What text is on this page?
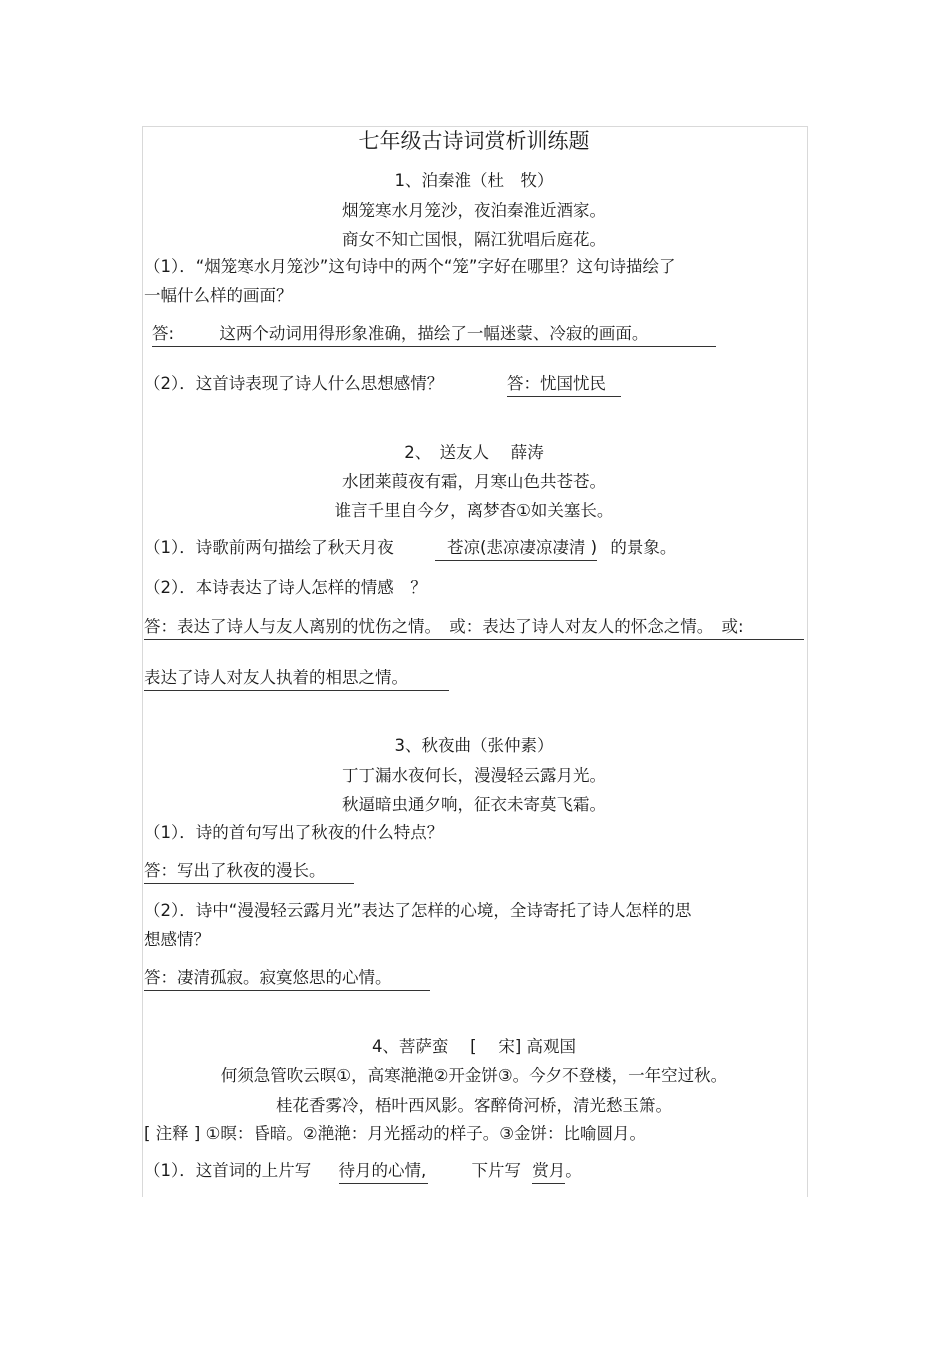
七年级古诗词赏析训练题
1、泊秦淮（杜　牧）
烟笼寒水月笼沙，夜泊秦淮近酒家。
商女不知亡国恨，隔江犹唱后庭花。
（1）．“烟笼寒水月笼沙”这句诗中的两个“笼”字好在哪里？这句诗描绘了
一幅什么样的画面？
答:	这两个动词用得形象准确，描绘了一幅迷蒙、冷寂的画面。
（2）．这首诗表现了诗人什么思想感情？	答：忧国忧民
2、　送友人　 薛涛
水团莱葭夜有霜，月寒山色共苍苍。
谁言千里自今夕，离梦杳①如关塞长。
（1）．诗歌前两句描绘了秋天月夜	苍凉(悲凉凄凉凄清 ) 的景象。
（2）．本诗表达了诗人怎样的情感　？
答：表达了诗人与友人离别的忧伤之情。　或：表达了诗人对友人的怀念之情。　或:
表达了诗人对友人执着的相思之情。
3、秋夜曲（张仲素）
丁丁漏水夜何长，漫漫轻云露月光。
秋逼暗虫通夕响，征衣未寄莫飞霜。
（1）．诗的首句写出了秋夜的什么特点？
答：写出了秋夜的漫长。
（2）．诗中“漫漫轻云露月光”表达了怎样的心境，全诗寄托了诗人怎样的思
想感情？
答：凄清孤寂。寂寞悠思的心情。
4、菩萨蛮　 [　 宋] 高观国
何须急管吹云暝①，高寒滟滟②开金饼③。今夕不登楼，一年空过秋。
桂花香雾冷，梧叶西风影。客醉倚河桥，清光愁玉箫。
[ 注释 ] ①暝：昏暗。②滟滟：月光摇动的样子。③金饼：比喻圆月。
（1）．这首词的上片写 待月的心情,	下片写 赏月。
